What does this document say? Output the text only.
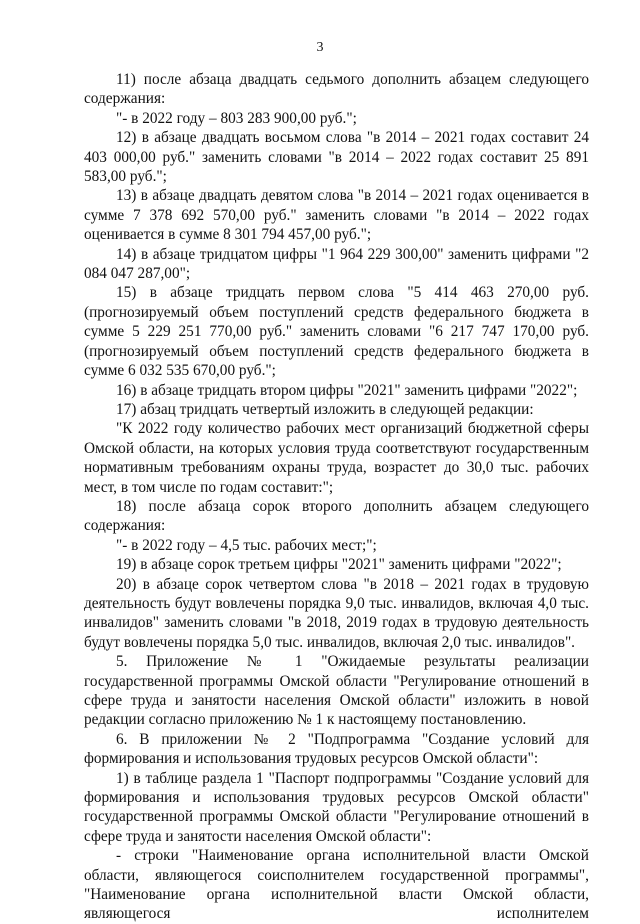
3

11) после абзаца двадцать седьмого дополнить абзацем следующего содержания:

"- в 2022 году – 803 283 900,00 руб.";

12) в абзаце двадцать восьмом слова "в 2014 – 2021 годах составит 24 403 000,00 руб." заменить словами "в 2014 – 2022 годах составит 25 891 583,00 руб.";

13) в абзаце двадцать девятом слова "в 2014 – 2021 годах оценивается в сумме 7 378 692 570,00 руб." заменить словами "в 2014 – 2022 годах оценивается в сумме 8 301 794 457,00 руб.";

14) в абзаце тридцатом цифры "1 964 229 300,00" заменить цифрами "2 084 047 287,00";

15) в абзаце тридцать первом слова "5 414 463 270,00 руб. (прогнозируемый объем поступлений средств федерального бюджета в сумме 5 229 251 770,00 руб." заменить словами "6 217 747 170,00 руб. (прогнозируемый объем поступлений средств федерального бюджета в сумме 6 032 535 670,00 руб.";

16) в абзаце тридцать втором цифры "2021" заменить цифрами "2022";

17) абзац тридцать четвертый изложить в следующей редакции:

"К 2022 году количество рабочих мест организаций бюджетной сферы Омской области, на которых условия труда соответствуют государственным нормативным требованиям охраны труда, возрастет до 30,0 тыс. рабочих мест, в том числе по годам составит:";

18) после абзаца сорок второго дополнить абзацем следующего содержания:

"- в 2022 году – 4,5 тыс. рабочих мест;";

19) в абзаце сорок третьем цифры "2021" заменить цифрами "2022";

20) в абзаце сорок четвертом слова "в 2018 – 2021 годах в трудовую деятельность будут вовлечены порядка 9,0 тыс. инвалидов, включая 4,0 тыс. инвалидов" заменить словами "в 2018, 2019 годах в трудовую деятельность будут вовлечены порядка 5,0 тыс. инвалидов, включая 2,0 тыс. инвалидов".

5. Приложение № 1 "Ожидаемые результаты реализации государственной программы Омской области "Регулирование отношений в сфере труда и занятости населения Омской области" изложить в новой редакции согласно приложению № 1 к настоящему постановлению.

6. В приложении № 2 "Подпрограмма "Создание условий для формирования и использования трудовых ресурсов Омской области":

1) в таблице раздела 1 "Паспорт подпрограммы "Создание условий для формирования и использования трудовых ресурсов Омской области" государственной программы Омской области "Регулирование отношений в сфере труда и занятости населения Омской области":

- строки "Наименование органа исполнительной власти Омской области, являющегося соисполнителем государственной программы", "Наименование органа исполнительной власти Омской области, являющегося исполнителем
